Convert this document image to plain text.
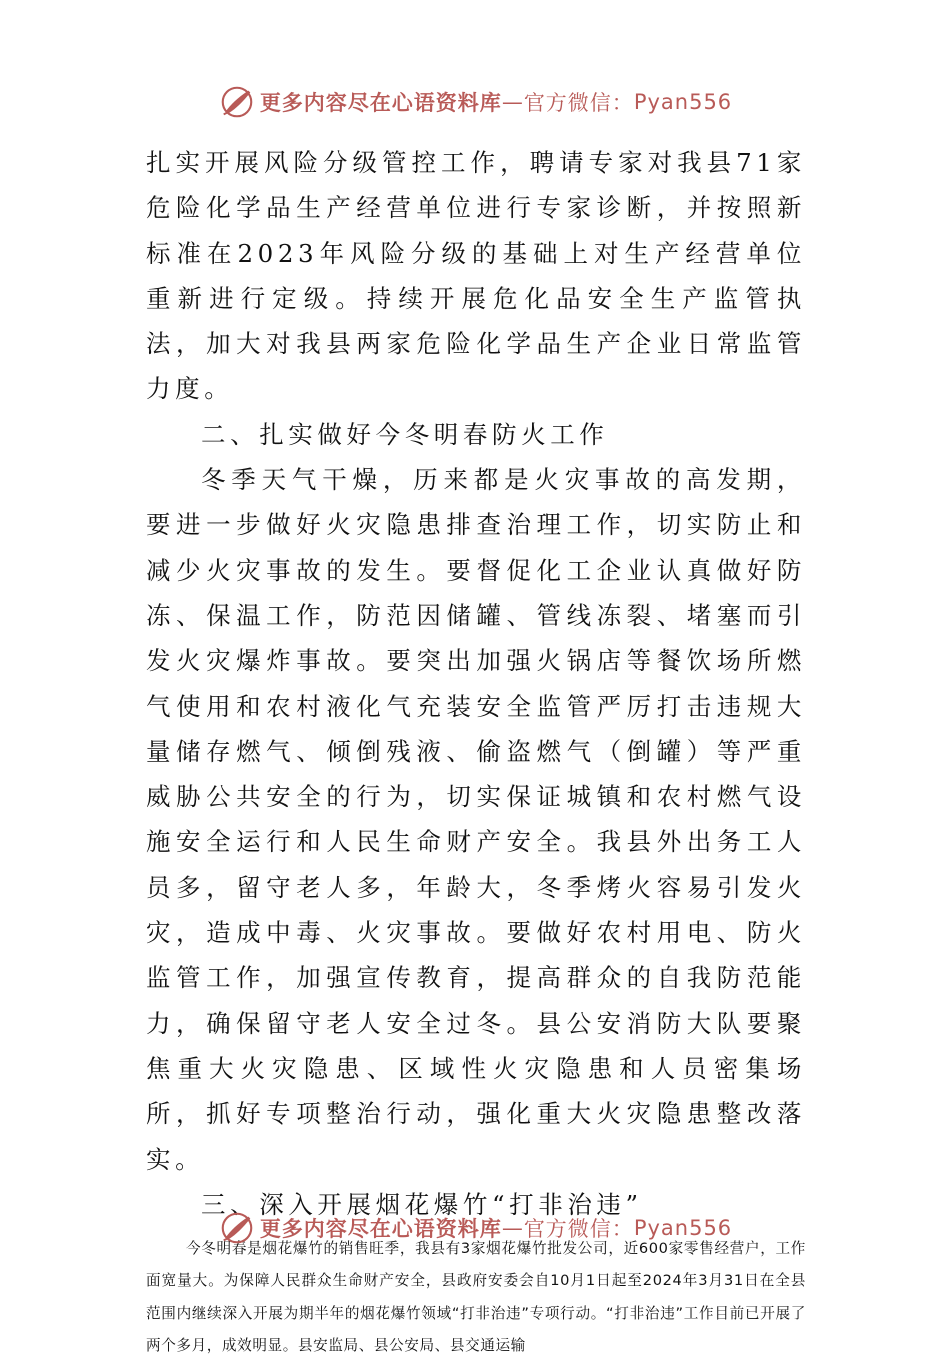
更多内容尽在心语资料库 — 官方微信： Pyan556

扎实开展风险分级管控工作，聘请专家对我县71家危险化学品生产经营单位进行专家诊断，并按照新标准在2023年风险分级的基础上对生产经营单位重新进行定级。持续开展危化品安全生产监管执法，加大对我县两家危险化学品生产企业日常监管力度。

二、扎实做好今冬明春防火工作

冬季天气干燥，历来都是火灾事故的高发期，要进一步做好火灾隐患排查治理工作，切实防止和减少火灾事故的发生。要督促化工企业认真做好防冻、保温工作，防范因储罐、管线冻裂、堵塞而引发火灾爆炸事故。要突出加强火锅店等餐饮场所燃气使用和农村液化气充装安全监管严厉打击违规大量储存燃气、倾倒残液、偷盗燃气（倒罐）等严重威胁公共安全的行为，切实保证城镇和农村燃气设施安全运行和人民生命财产安全。我县外出务工人员多，留守老人多，年龄大，冬季烤火容易引发火灾，造成中毒、火灾事故。要做好农村用电、防火监管工作，加强宣传教育，提高群众的自我防范能力，确保留守老人安全过冬。县公安消防大队要聚焦重大火灾隐患、区域性火灾隐患和人员密集场所，抓好专项整治行动，强化重大火灾隐患整改落实。

三、深入开展烟花爆竹“打非治违”

今冬明春是烟花爆竹的销售旺季，我县有3家烟花爆竹批发公司，近600家零售经营户，工作面宽量大。为保障人民群众生命财产安全，县政府安委会自10月1日起至2024年3月31日在全县范围内继续深入开展为期半年的烟花爆竹领域“打非治违”专项行动。“打非治违”工作目前已开展了两个多月，成效明显。县安监局、县公安局、县交通运输

更多内容尽在心语资料库 — 官方微信： Pyan556
